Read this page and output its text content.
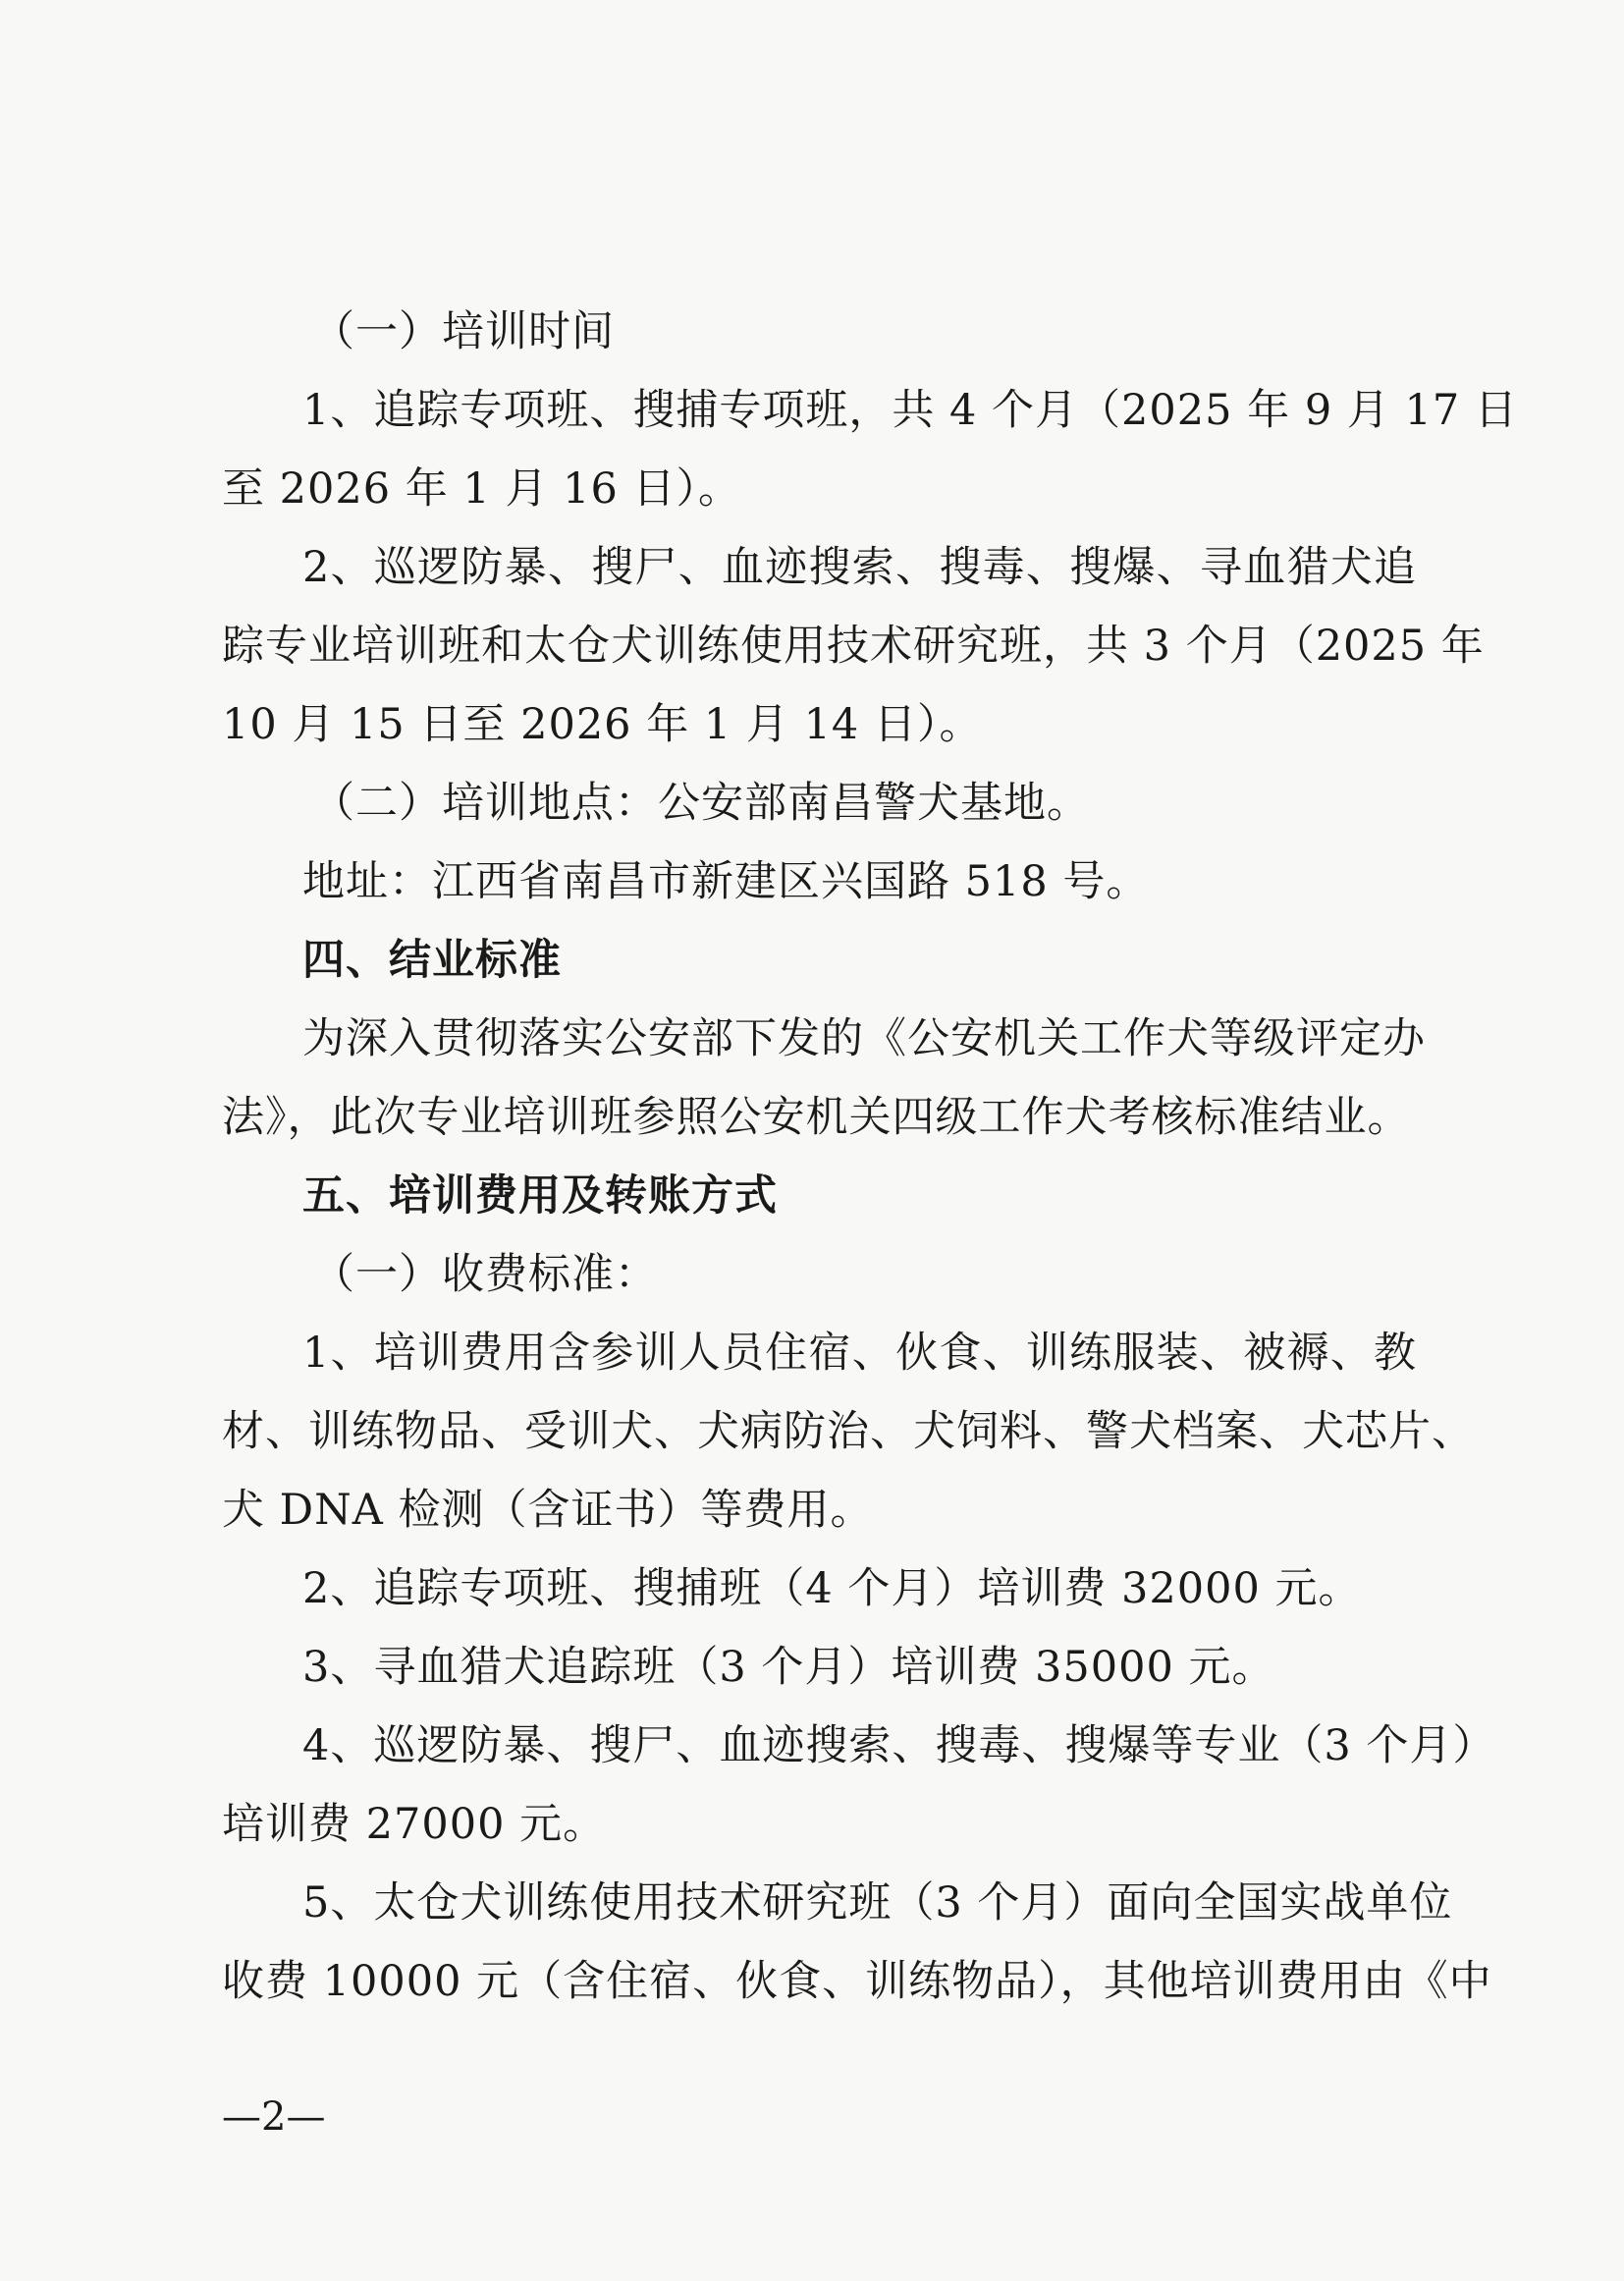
（一）培训时间
1、追踪专项班、搜捕专项班，共 4 个月（2025 年 9 月 17 日
至 2026 年 1 月 16 日）。
2、巡逻防暴、搜尸、血迹搜索、搜毒、搜爆、寻血猎犬追
踪专业培训班和太仓犬训练使用技术研究班，共 3 个月（2025 年
10 月 15 日至 2026 年 1 月 14 日）。
（二）培训地点：公安部南昌警犬基地。
地址：江西省南昌市新建区兴国路 518 号。
四、结业标准
为深入贯彻落实公安部下发的《公安机关工作犬等级评定办
法》，此次专业培训班参照公安机关四级工作犬考核标准结业。
五、培训费用及转账方式
（一）收费标准：
1、培训费用含参训人员住宿、伙食、训练服装、被褥、教
材、训练物品、受训犬、犬病防治、犬饲料、警犬档案、犬芯片、
犬 DNA 检测（含证书）等费用。
2、追踪专项班、搜捕班（4 个月）培训费 32000 元。
3、寻血猎犬追踪班（3 个月）培训费 35000 元。
4、巡逻防暴、搜尸、血迹搜索、搜毒、搜爆等专业（3 个月）
培训费 27000 元。
5、太仓犬训练使用技术研究班（3 个月）面向全国实战单位
收费 10000 元（含住宿、伙食、训练物品），其他培训费用由《中
—2—
